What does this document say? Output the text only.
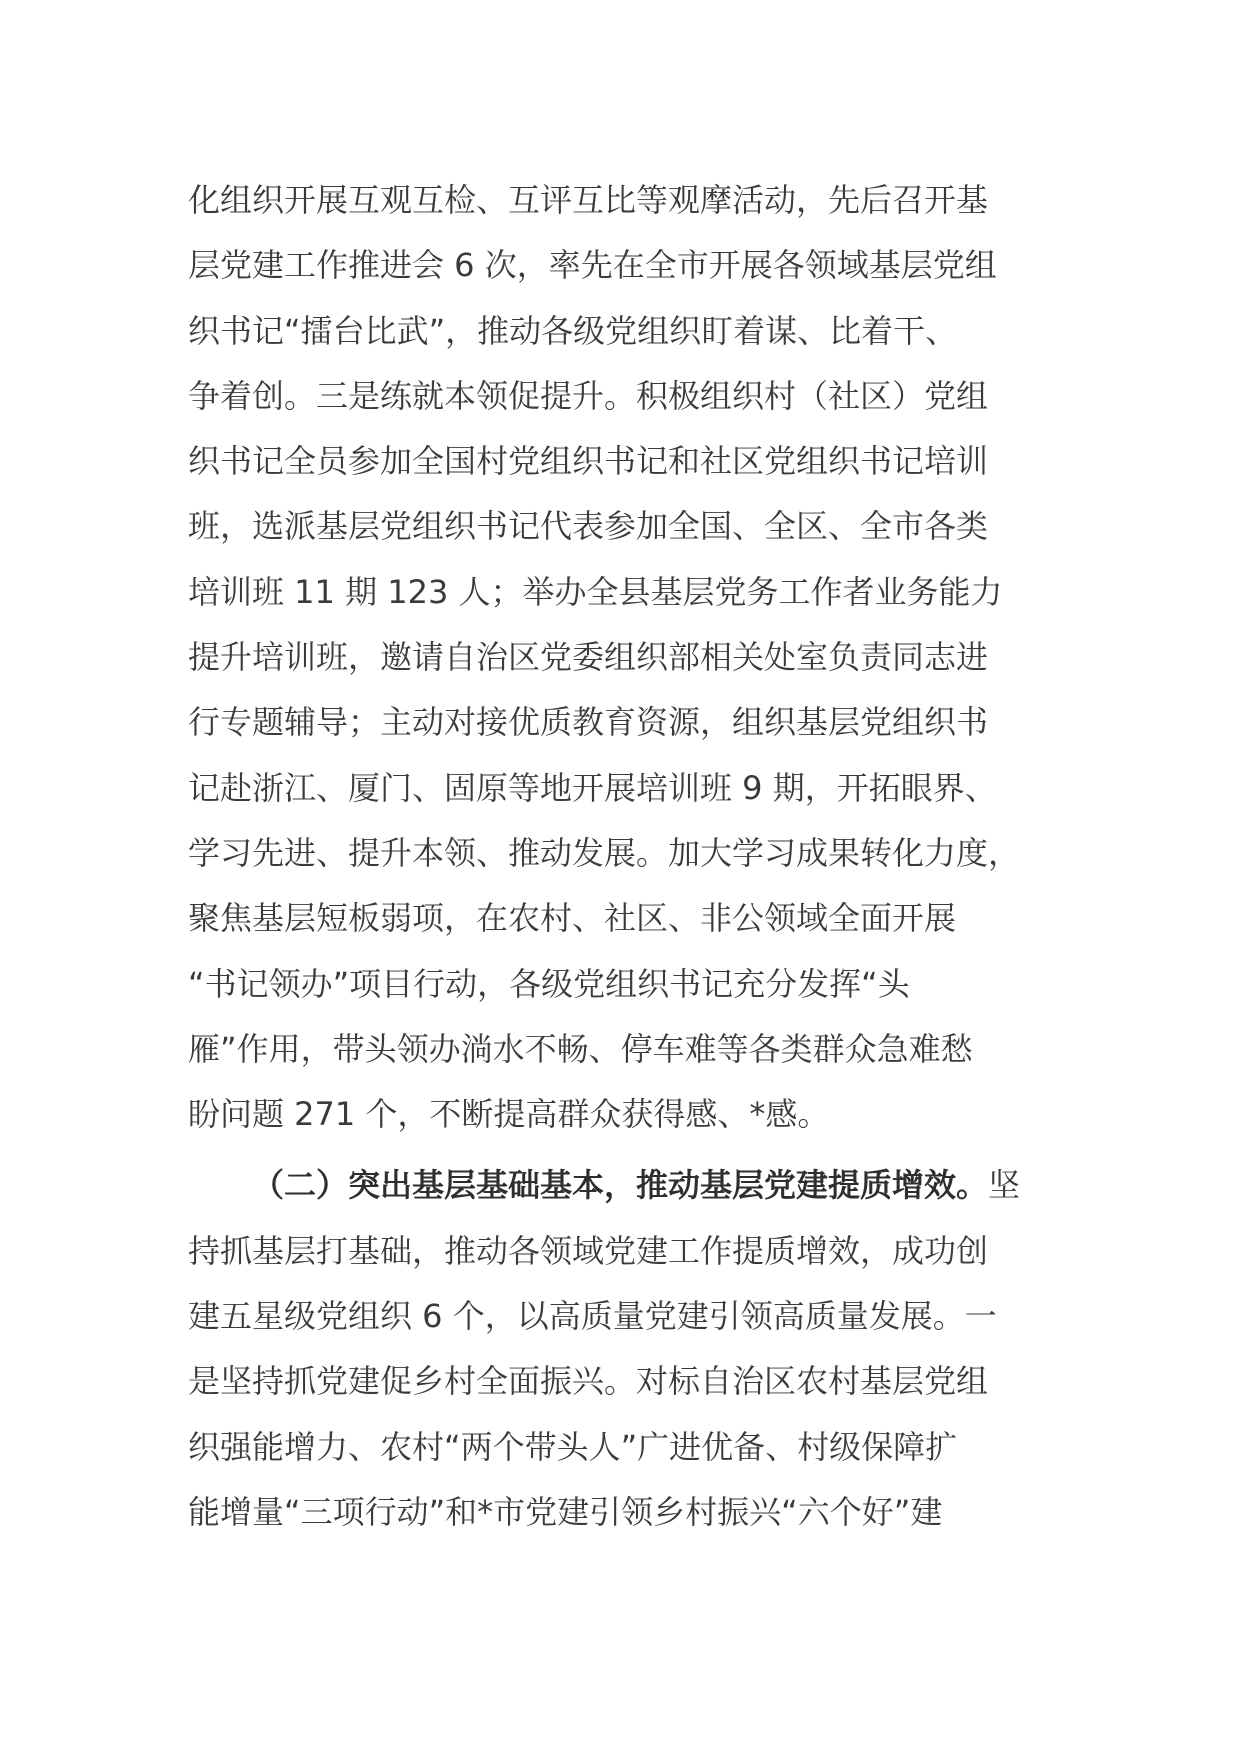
化组织开展互观互检、互评互比等观摩活动，先后召开基
层党建工作推进会 6 次，率先在全市开展各领域基层党组
织书记“擂台比武”，推动各级党组织盯着谋、比着干、
争着创。三是练就本领促提升。积极组织村（社区）党组
织书记全员参加全国村党组织书记和社区党组织书记培训
班，选派基层党组织书记代表参加全国、全区、全市各类
培训班 11 期 123 人；举办全县基层党务工作者业务能力
提升培训班，邀请自治区党委组织部相关处室负责同志进
行专题辅导；主动对接优质教育资源，组织基层党组织书
记赴浙江、厦门、固原等地开展培训班 9 期，开拓眼界、
学习先进、提升本领、推动发展。加大学习成果转化力度，
聚焦基层短板弱项，在农村、社区、非公领域全面开展
“书记领办”项目行动，各级党组织书记充分发挥“头
雁”作用，带头领办淌水不畅、停车难等各类群众急难愁
盼问题 271 个，不断提高群众获得感、*感。
（二）突出基层基础基本，推动基层党建提质增效。坚
持抓基层打基础，推动各领域党建工作提质增效，成功创
建五星级党组织 6 个，以高质量党建引领高质量发展。一
是坚持抓党建促乡村全面振兴。对标自治区农村基层党组
织强能增力、农村“两个带头人”广进优备、村级保障扩
能增量“三项行动”和*市党建引领乡村振兴“六个好”建
